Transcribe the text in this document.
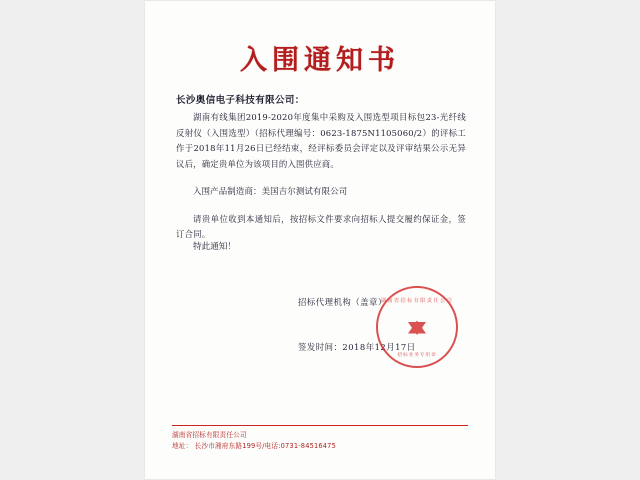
入围通知书
长沙奥信电子科技有限公司：

湖南有线集团2019-2020年度集中采购及入围选型项目标包23-光纤线反射仪（入围选型）（招标代理编号：0623-1875N1105060/2）的评标工作于2018年11月26日已经结束，经评标委员会评定以及评审结果公示无异议后，确定贵单位为该项目的入围供应商。

入围产品制造商：美国吉尔测试有限公司

请贵单位收到本通知后，按招标文件要求向招标人提交履约保证金，签订合同。

特此通知！
招标代理机构（盖章）
签发时间：2018年12月17日
湖南省招标有限责任公司
招标业务专用章
湖南省招标有限责任公司
地址： 长沙市湘府东路199号/电话:0731-84516475
